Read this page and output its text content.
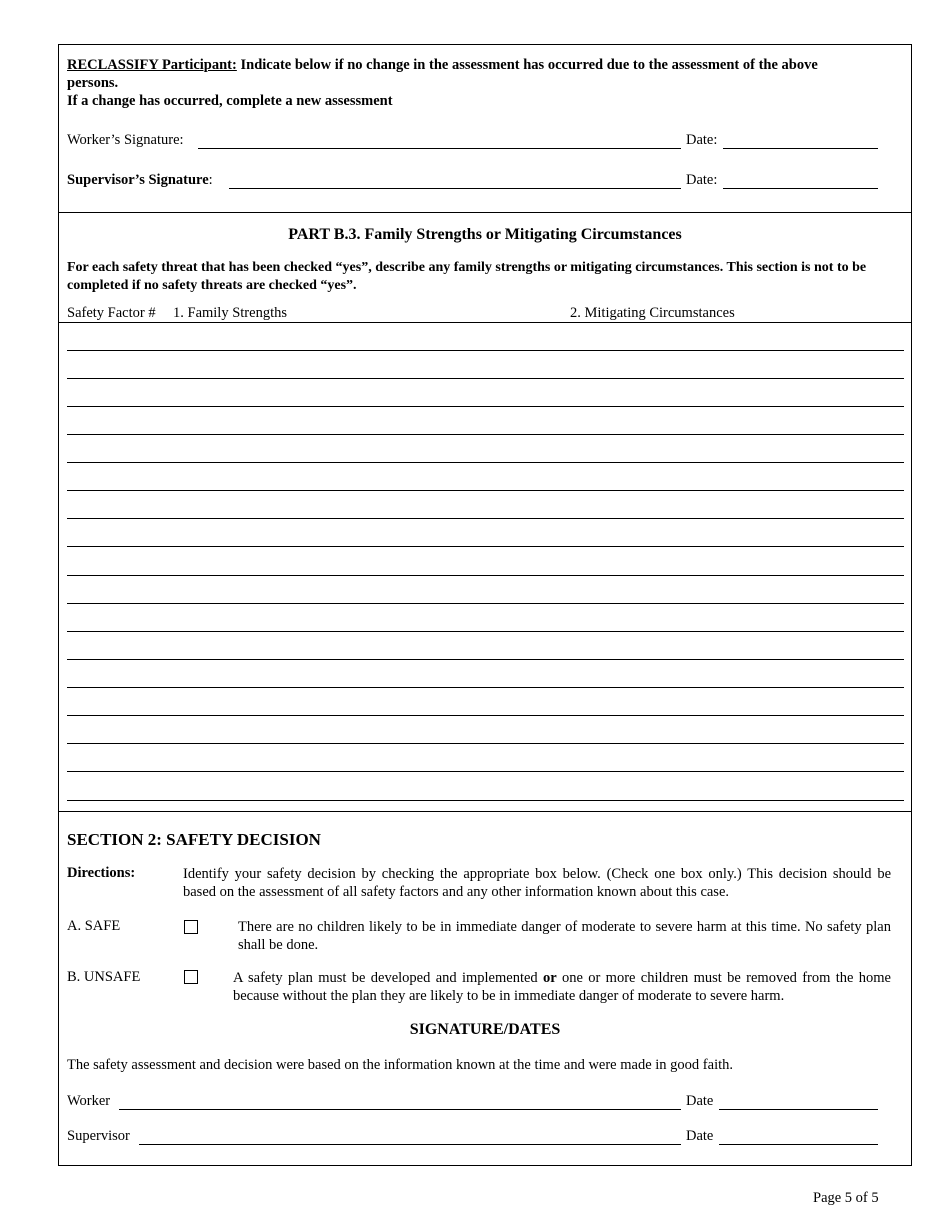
RECLASSIFY Participant: Indicate below if no change in the assessment has occurred due to the assessment of the above
persons.
If a change has occurred, complete a new assessment
Worker’s Signature:	Date:
Supervisor’s Signature:	Date:
PART B.3. Family Strengths or Mitigating Circumstances
For each safety threat that has been checked “yes”, describe any family strengths or mitigating circumstances. This section is not to be completed if no safety threats are checked “yes”.
Safety Factor # 1. Family Strengths	2. Mitigating Circumstances
SECTION 2: SAFETY DECISION
Directions:	Identify your safety decision by checking the appropriate box below. (Check one box only.) This decision should be based on the assessment of all safety factors and any other information known about this case.
A. SAFE	There are no children likely to be in immediate danger of moderate to severe harm at this time. No safety plan shall be done.
B. UNSAFE	A safety plan must be developed and implemented or one or more children must be removed from the home because without the plan they are likely to be in immediate danger of moderate to severe harm.
SIGNATURE/DATES
The safety assessment and decision were based on the information known at the time and were made in good faith.
Worker	Date
Supervisor	Date
Page 5 of 5
